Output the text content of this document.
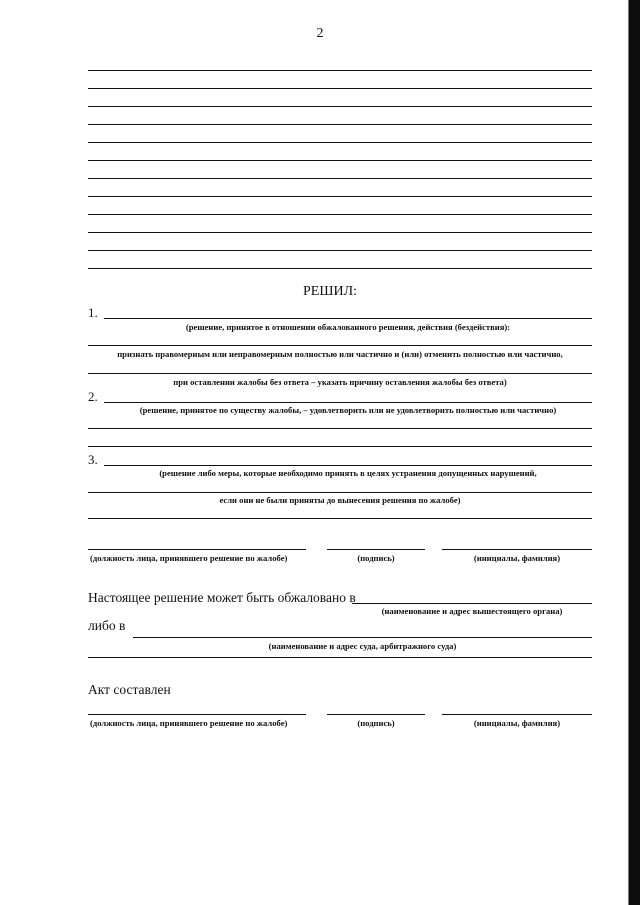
2
РЕШИЛ:
1.
(решение, принятое в отношении обжалованного решения, действия (бездействия):
признать правомерным или неправомерным полностью или частично и (или) отменить полностью или частично,
при оставлении жалобы без ответа – указать причину оставления жалобы без ответа)
2.
(решение, принятое по существу жалобы, – удовлетворить или не удовлетворить полностью или частично)
3.
(решение либо меры, которые необходимо принять в целях устранения допущенных нарушений,
если они не были приняты до вынесения решения по жалобе)
(должность лица, принявшего решение по жалобе)	(подпись)	(инициалы, фамилия)
Настоящее решение может быть обжаловано в
(наименование и адрес вышестоящего органа)
либо в
(наименование и адрес суда, арбитражного суда)
Акт составлен
(должность лица, принявшего решение по жалобе)	(подпись)	(инициалы, фамилия)
